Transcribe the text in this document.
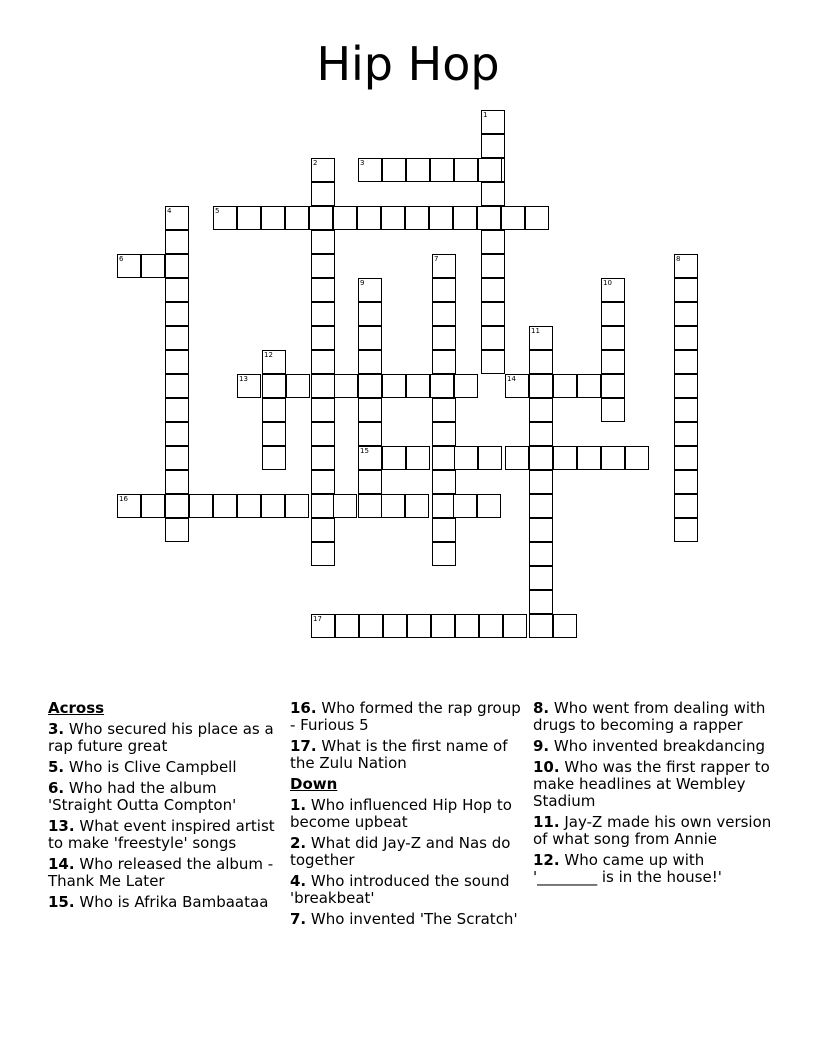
Hip Hop
1
3
2
5
4
6	7	8
9
15
10
11
12
13	14
16
17
Across
3. Who secured his place as a rap future great
5. Who is Clive Campbell
6. Who had the album 'Straight Outta Compton'
13. What event inspired artist to make 'freestyle' songs
14. Who released the album - Thank Me Later
15. Who is Afrika Bambaataa
16. Who formed the rap group - Furious 5
17. What is the first name of the Zulu Nation
Down
1. Who influenced Hip Hop to become upbeat
2. What did Jay-Z and Nas do together
4. Who introduced the sound 'breakbeat'
7. Who invented 'The Scratch'
8. Who went from dealing with drugs to becoming a rapper
9. Who invented breakdancing
10. Who was the first rapper to make headlines at Wembley Stadium
11. Jay-Z made his own version of what song from Annie
12. Who came up with '________ is in the house!'
